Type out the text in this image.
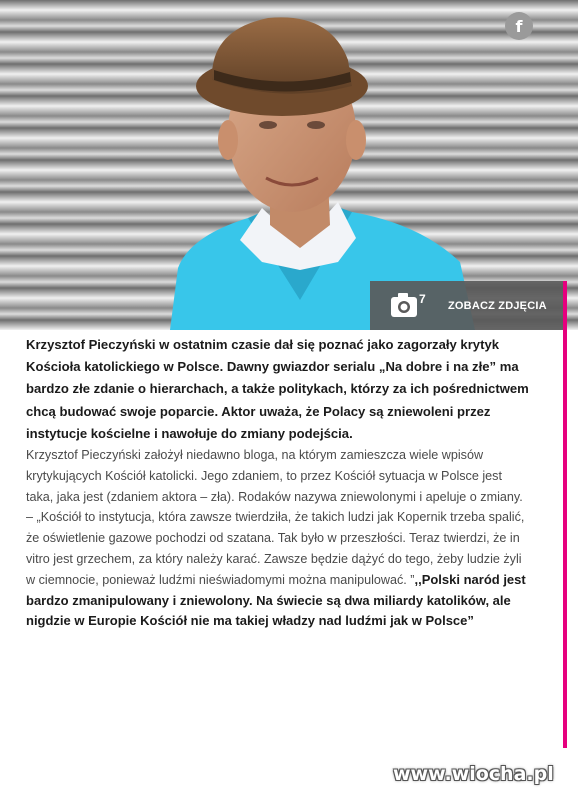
f
7 ZOBACZ ZDJĘCIA

Krzysztof Pieczyński w ostatnim czasie dał się poznać jako zagorzały krytyk Kościoła katolickiego w Polsce. Dawny gwiazdor serialu „Na dobre i na złe” ma bardzo złe zdanie o hierarchach, a także politykach, którzy za ich pośrednictwem chcą budować swoje poparcie. Aktor uważa, że Polacy są zniewoleni przez instytucje kościelne i nawołuje do zmiany podejścia.

Krzysztof Pieczyński założył niedawno bloga, na którym zamieszcza wiele wpisów krytykujących Kościół katolicki. Jego zdaniem, to przez Kościół sytuacja w Polsce jest taka, jaka jest (zdaniem aktora – zła). Rodaków nazywa zniewolonymi i apeluje o zmiany.

– „Kościół to instytucja, która zawsze twierdziła, że takich ludzi jak Kopernik trzeba spalić, że oświetlenie gazowe pochodzi od szatana. Tak było w przeszłości. Teraz twierdzi, że in vitro jest grzechem, za który należy karać. Zawsze będzie dążyć do tego, żeby ludzie żyli w ciemnocie, ponieważ ludźmi nieświadomymi można manipulować. ”,,Polski naród jest bardzo zmanipulowany i zniewolony. Na świecie są dwa miliardy katolików, ale nigdzie w Europie Kościół nie ma takiej władzy nad ludźmi jak w Polsce”

www.wiocha.pl
